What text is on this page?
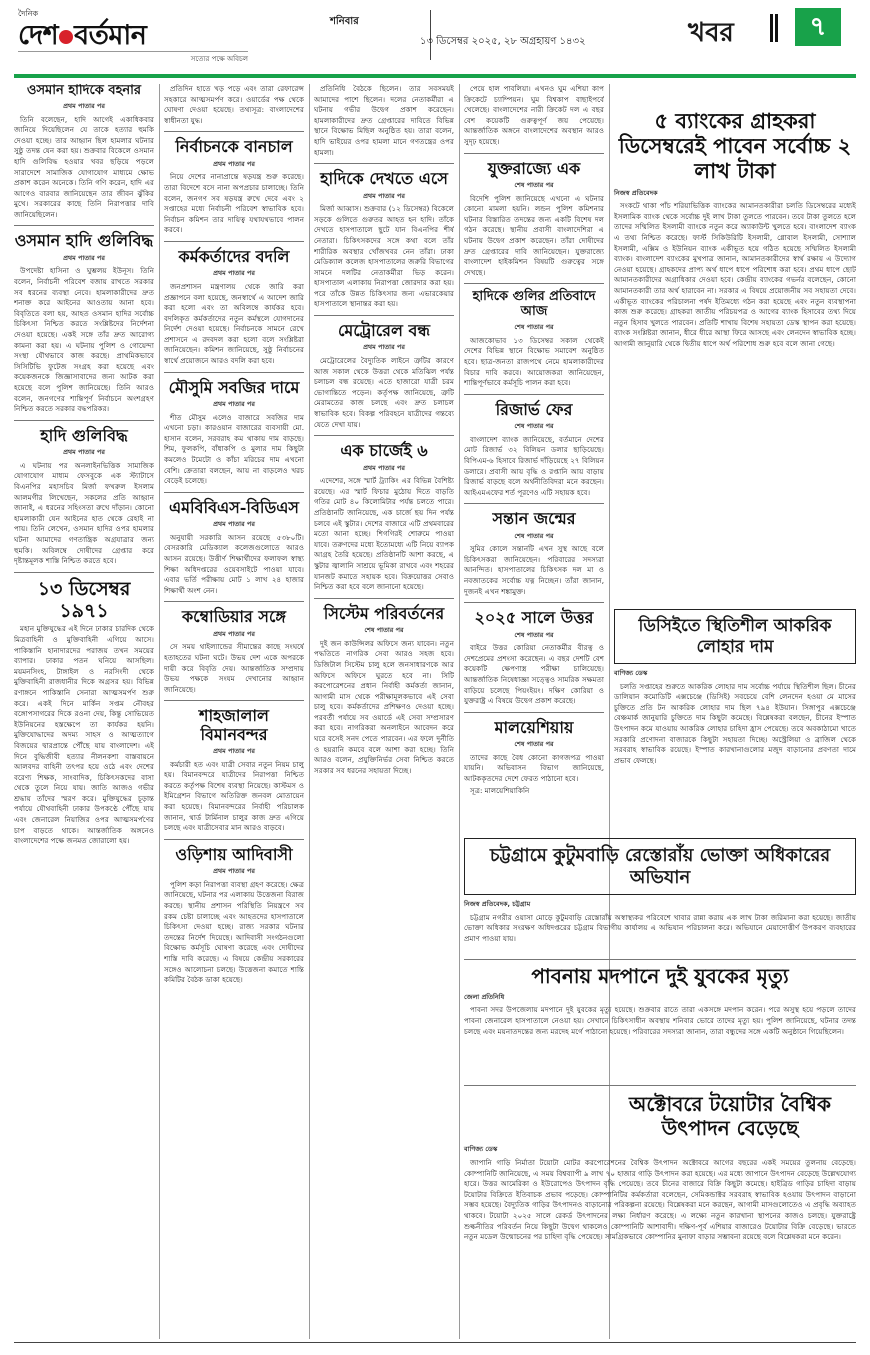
দৈনিক
দেশ বর্তমান
সত্যের পক্ষে অবিচল
শনিবার
১৩ ডিসেম্বর ২০২৫, ২৮ অগ্রহায়ণ ১৪৩২	খবর	৭
ওসমান হাদিকে বহনার
প্রথম পাতার পর
তিনি বলেছেন, হাদি আগেই একাধিকবার জানিয়ে দিয়েছিলেন যে তাকে হত্যার হুমকি দেওয়া হচ্ছে। তার আহ্বান ছিল হামলার ঘটনার সুষ্ঠু তদন্ত যেন করা হয়। শুক্রবার বিকেলে ওসমান হাদি গুলিবিদ্ধ হওয়ার খবর ছড়িয়ে পড়লে সারাদেশে সামাজিক যোগাযোগ মাধ্যমে ক্ষোভ প্রকাশ করেন অনেকে। তিনি গণি করেন, হাদি এর আগেও বারবার জানিয়েছেন তার জীবন ঝুঁকির মুখে। সরকারের কাছে তিনি নিরাপত্তার দাবি জানিয়েছিলেন।
ওসমান হাদি গুলিবিদ্ধ
প্রথম পাতার পর
উপদেষ্টা হাসিনা ও ঘুম্ভলয় ইউনূস। তিনি বলেন, নির্বাচনী পরিবেশ বজায় রাখতে সরকার সব ধরনের ব্যবস্থা নেবে। হামলাকারীদের দ্রুত শনাক্ত করে আইনের আওতায় আনা হবে। বিবৃতিতে বলা হয়, আহত ওসমান হাদির সর্বোচ্চ চিকিৎসা নিশ্চিত করতে সংশ্লিষ্টদের নির্দেশনা দেওয়া হয়েছে। একই সঙ্গে তাঁর দ্রুত আরোগ্য কামনা করা হয়। এ ঘটনায় পুলিশ ও গোয়েন্দা সংস্থা যৌথভাবে কাজ করছে। প্রাথমিকভাবে সিসিটিভি ফুটেজ সংগ্রহ করা হয়েছে এবং কয়েকজনকে জিজ্ঞাসাবাদের জন্য আটক করা হয়েছে বলে পুলিশ জানিয়েছে। তিনি আরও বলেন, জনগণের শান্তিপূর্ণ নির্বাচনে অংশগ্রহণ নিশ্চিত করতে সরকার বদ্ধপরিকর।
হাদি গুলিবিদ্ধ
প্রথম পাতার পর
এ ঘটনায় পর অনলাইনভিত্তিক সামাজিক যোগাযোগ মাধ্যম ফেসবুকে এক স্ট্যাটাসে বিএনপির মহাসচিব মির্জা ফখরুল ইসলাম আলমগীর লিখেছেন, সকলের প্রতি আহ্বান জানাই, এ ধরনের সহিংসতা রুখে দাঁড়ান। কোনো হামলাকারী যেন আইনের হাত থেকে রেহাই না পায়। তিনি লেখেন, ওসমান হাদির ওপর হামলার ঘটনা আমাদের গণতান্ত্রিক অগ্রযাত্রার জন্য হুমকি। অবিলম্বে দোষীদের গ্রেপ্তার করে দৃষ্টান্তমূলক শাস্তি নিশ্চিত করতে হবে।
১৩ ডিসেম্বর ১৯৭১
মহান মুক্তিযুদ্ধের এই দিনে ঢাকার চারদিক থেকে মিত্রবাহিনী ও মুক্তিবাহিনী এগিয়ে আসে। পাকিস্তানি হানাদারদের পরাজয় তখন সময়ের ব্যাপার। ঢাকার পতন ঘনিয়ে আসছিল। ময়মনসিংহ, টাঙ্গাইল ও নরসিংদী থেকে মুক্তিবাহিনী রাজধানীর দিকে অগ্রসর হয়। বিভিন্ন রণাঙ্গনে পাকিস্তানি সেনারা আত্মসমর্পণ শুরু করে। একই দিনে মার্কিন সপ্তম নৌবহর বঙ্গোপসাগরের দিকে রওনা দেয়, কিন্তু সোভিয়েত ইউনিয়নের হস্তক্ষেপে তা কার্যকর হয়নি। মুক্তিযোদ্ধাদের অদম্য সাহস ও আত্মত্যাগে বিজয়ের দ্বারপ্রান্তে পৌঁছে যায় বাংলাদেশ। এই দিনে বুদ্ধিজীবী হত্যার নীলনকশা বাস্তবায়নে আলবদর বাহিনী তৎপর হয়ে ওঠে এবং দেশের বরেণ্য শিক্ষক, সাংবাদিক, চিকিৎসকদের বাসা থেকে তুলে নিয়ে যায়। জাতি আজও গভীর শ্রদ্ধায় তাঁদের স্মরণ করে। মুক্তিযুদ্ধের চূড়ান্ত পর্যায়ে যৌথবাহিনী ঢাকার উপকণ্ঠে পৌঁছে যায় এবং জেনারেল নিয়াজির ওপর আত্মসমর্পণের চাপ বাড়তে থাকে। আন্তর্জাতিক অঙ্গনেও বাংলাদেশের পক্ষে জনমত জোরালো হয়।
প্রতিদিন হাতে খড় পড়ে এবং তারা রেফারেন্স সহকারে আত্মসমর্পণ করে। ওয়ার্ডের পক্ষ থেকে ঘোষণা দেওয়া হয়েছে। তথ্যসূত্র: বাংলাদেশের স্বাধীনতা যুদ্ধ।
নির্বাচনকে বানচাল
প্রথম পাতার পর
নিয়ে দেশের নানাপ্রান্তে ষড়যন্ত্র শুরু করেছে। তারা বিদেশে বসে নানা অপপ্রচার চালাচ্ছে। তিনি বলেন, জনগণ সব ষড়যন্ত্র রুখে দেবে এবং ২ সপ্তাহের মধ্যে নির্বাচনী পরিবেশ স্বাভাবিক হবে। নির্বাচন কমিশন তার দায়িত্ব যথাযথভাবে পালন করবে।
কর্মকর্তাদের বদলি
প্রথম পাতার পর
জনপ্রশাসন মন্ত্রণালয় থেকে জারি করা প্রজ্ঞাপনে বলা হয়েছে, জনস্বার্থে এ আদেশ জারি করা হলো এবং তা অবিলম্বে কার্যকর হবে। বদলিকৃত কর্মকর্তাদের নতুন কর্মস্থলে যোগদানের নির্দেশ দেওয়া হয়েছে। নির্বাচনকে সামনে রেখে প্রশাসনে এ রদবদল করা হলো বলে সংশ্লিষ্টরা জানিয়েছেন। কমিশন জানিয়েছে, সুষ্ঠু নির্বাচনের স্বার্থে প্রয়োজনে আরও বদলি করা হবে।
মৌসুমি সবজির দামে
প্রথম পাতার পর
শীত মৌসুম এলেও বাজারে সবজির দাম এখনো চড়া। কারওয়ান বাজারের ব্যবসায়ী মো. হাসান বলেন, সরবরাহ কম থাকায় দাম বাড়ছে। শিম, ফুলকপি, বাঁধাকপি ও মুলার দাম কিছুটা কমলেও টমেটো ও কাঁচা মরিচের দাম এখনো বেশি। ক্রেতারা বলছেন, আয় না বাড়লেও খরচ বেড়েই চলেছে।
এমবিবিএস-বিডিএস
প্রথম পাতার পর
অনুযায়ী সরকারি আসন রয়েছে ৫৩৮০টি। বেসরকারি মেডিক্যাল কলেজগুলোতে আরও আসন রয়েছে। উত্তীর্ণ শিক্ষার্থীদের ফলাফল স্বাস্থ্য শিক্ষা অধিদপ্তরের ওয়েবসাইটে পাওয়া যাবে। এবার ভর্তি পরীক্ষায় মোট ১ লাখ ২৪ হাজার শিক্ষার্থী অংশ নেন।
কম্বোডিয়ার সঙ্গে
প্রথম পাতার পর
সে সময় থাইল্যান্ডের সীমান্তের কাছে সংঘর্ষে হতাহতের ঘটনা ঘটে। উভয় দেশ একে অপরকে দায়ী করে বিবৃতি দেয়। আন্তর্জাতিক সম্প্রদায় উভয় পক্ষকে সংযম দেখানোর আহ্বান জানিয়েছে।
শাহজালাল বিমানবন্দর
প্রথম পাতার পর
কর্মচারী হত এবং যাত্রী সেবার নতুন নিয়ম চালু হয়। বিমানবন্দরে যাত্রীদের নিরাপত্তা নিশ্চিত করতে কর্তৃপক্ষ বিশেষ ব্যবস্থা নিয়েছে। কাস্টমস ও ইমিগ্রেশন বিভাগে অতিরিক্ত জনবল মোতায়েন করা হয়েছে। বিমানবন্দরের নির্বাহী পরিচালক জানান, থার্ড টার্মিনাল চালুর কাজ দ্রুত এগিয়ে চলছে এবং যাত্রীসেবার মান আরও বাড়বে।
ওড়িশায় আদিবাসী
প্রথম পাতার পর
পুলিশ কড়া নিরাপত্তা ব্যবস্থা গ্রহণ করেছে। ক্ষেত্র জানিয়েছে, ঘটনার পর এলাকায় উত্তেজনা বিরাজ করছে। স্থানীয় প্রশাসন পরিস্থিতি নিয়ন্ত্রণে সব রকম চেষ্টা চালাচ্ছে এবং আহতদের হাসপাতালে চিকিৎসা দেওয়া হচ্ছে। রাজ্য সরকার ঘটনার তদন্তের নির্দেশ দিয়েছে। আদিবাসী সংগঠনগুলো বিক্ষোভ কর্মসূচি ঘোষণা করেছে এবং দোষীদের শাস্তি দাবি করেছে। এ বিষয়ে কেন্দ্রীয় সরকারের সঙ্গেও আলোচনা চলছে। উত্তেজনা কমাতে শান্তি কমিটির বৈঠক ডাকা হয়েছে।
প্রতিনিধি বৈঠকে ছিলেন। তার সবসময়ই আমাদের পাশে ছিলেন। দলের নেতাকর্মীরা এ ঘটনায় গভীর উদ্বেগ প্রকাশ করেছেন। হামলাকারীদের দ্রুত গ্রেপ্তারের দাবিতে বিভিন্ন স্থানে বিক্ষোভ মিছিল অনুষ্ঠিত হয়। তারা বলেন, হাদি ভাইয়ের ওপর হামলা মানে গণতন্ত্রের ওপর হামলা।
হাদিকে দেখতে এসে
প্রথম পাতার পর
মির্জা আব্বাস। শুক্রবার (১২ ডিসেম্বর) বিকেলে সড়কে গুলিতে গুরুতর আহত হন হাদি। তাঁকে দেখতে হাসপাতালে ছুটে যান বিএনপির শীর্ষ নেতারা। চিকিৎসকদের সঙ্গে কথা বলে তাঁর শারীরিক অবস্থার খোঁজখবর নেন তাঁরা। ঢাকা মেডিক্যাল কলেজ হাসপাতালের জরুরি বিভাগের সামনে দলটির নেতাকর্মীরা ভিড় করেন। হাসপাতাল এলাকায় নিরাপত্তা জোরদার করা হয়। পরে তাঁকে উন্নত চিকিৎসার জন্য এভারকেয়ার হাসপাতালে স্থানান্তর করা হয়।
মেট্রোরেল বন্ধ
প্রথম পাতার পর
মেট্রোরেলের বৈদ্যুতিক লাইনে ত্রুটির কারণে আজ সকাল থেকে উত্তরা থেকে মতিঝিল পর্যন্ত চলাচল বন্ধ রয়েছে। এতে হাজারো যাত্রী চরম ভোগান্তিতে পড়েন। কর্তৃপক্ষ জানিয়েছে, ত্রুটি মেরামতের কাজ চলছে এবং দ্রুত চলাচল স্বাভাবিক হবে। বিকল্প পরিবহনে যাত্রীদের গন্তব্যে যেতে দেখা যায়।
এক চার্জেই ৬
প্রথম পাতার পর
এদেশের, সঙ্গে স্মার্ট ট্র্যাকিং এর বিভিন্ন বৈশিষ্ট্য রয়েছে। এর স্মার্ট ফিচার মুঠোয় দিতে বাড়তি গতির মোট ৪০ কিলোমিটার পর্যন্ত চলতে পারে। প্রতিষ্ঠানটি জানিয়েছে, এক চার্জে ছয় দিন পর্যন্ত চলবে এই স্কুটার। দেশের বাজারে এটি প্রথমবারের মতো আনা হচ্ছে। শিগগিরই শোরুমে পাওয়া যাবে। তরুণদের মধ্যে ইতোমধ্যে এটি নিয়ে ব্যাপক আগ্রহ তৈরি হয়েছে। প্রতিষ্ঠানটি আশা করছে, এ স্কুটার জ্বালানি সাশ্রয়ে ভূমিকা রাখবে এবং শহরের যানজট কমাতে সহায়ক হবে। বিক্রয়োত্তর সেবাও নিশ্চিত করা হবে বলে জানানো হয়েছে।
সিস্টেম পরিবর্তনের
শেষ পাতার পর
দুই জন কাউন্সিলর অফিসে জন্য যাবেন। নতুন পদ্ধতিতে নাগরিক সেবা আরও সহজ হবে। ডিজিটাল সিস্টেম চালু হলে জনসাধারণকে আর অফিসে অফিসে ঘুরতে হবে না। সিটি করপোরেশনের প্রধান নির্বাহী কর্মকর্তা জানান, আগামী মাস থেকে পরীক্ষামূলকভাবে এই সেবা চালু হবে। কর্মকর্তাদের প্রশিক্ষণও দেওয়া হচ্ছে। পরবর্তী পর্যায়ে সব ওয়ার্ডে এই সেবা সম্প্রসারণ করা হবে। নাগরিকরা অনলাইনে আবেদন করে ঘরে বসেই সনদ পেতে পারবেন। এর ফলে দুর্নীতি ও হয়রানি কমবে বলে আশা করা হচ্ছে। তিনি আরও বলেন, প্রযুক্তিনির্ভর সেবা নিশ্চিত করতে সরকার সব ধরনের সহায়তা দিচ্ছে।
পেয়ে হাল পাবলিয়া। এখনও ঘুম এশিয়া কাপ ক্রিকেটে চ্যাম্পিয়ন। ঘুম বিশ্বকাপ বাছাইপর্বে খেলেছে। বাংলাদেশের নারী ক্রিকেট দল এ বছর বেশ কয়েকটি গুরুত্বপূর্ণ জয় পেয়েছে। আন্তর্জাতিক অঙ্গনে বাংলাদেশের অবস্থান আরও সুদৃঢ় হয়েছে।
যুক্তরাজ্যে এক
শেষ পাতার পর
বিদেশি পুলিশ জানিয়েছে এখনো এ ঘটনার কোনো মামলা হয়নি। লন্ডন পুলিশ কমিশনার ঘটনার বিস্তারিত তদন্তের জন্য একটি বিশেষ দল গঠন করেছে। স্থানীয় প্রবাসী বাংলাদেশিরা এ ঘটনায় উদ্বেগ প্রকাশ করেছেন। তাঁরা দোষীদের দ্রুত গ্রেপ্তারের দাবি জানিয়েছেন। যুক্তরাজ্যে বাংলাদেশ হাইকমিশন বিষয়টি গুরুত্বের সঙ্গে দেখছে।
হাদিকে গুলির প্রতিবাদে আজ
শেষ পাতার পর
আজকোভাব ১৩ ডিসেম্বর সকাল থেকেই দেশের বিভিন্ন স্থানে বিক্ষোভ সমাবেশ অনুষ্ঠিত হবে। ছাত্র-জনতা রাজপথে নেমে হামলাকারীদের বিচার দাবি করবে। আয়োজকরা জানিয়েছেন, শান্তিপূর্ণভাবে কর্মসূচি পালন করা হবে।
রিজার্ভ ফের
শেষ পাতার পর
বাংলাদেশ ব্যাংক জানিয়েছে, বর্তমানে দেশের মোট রিজার্ভ ৩২ বিলিয়ন ডলার ছাড়িয়েছে। বিপিএম-৬ হিসাবে রিজার্ভ দাঁড়িয়েছে ২৭ বিলিয়ন ডলারে। প্রবাসী আয় বৃদ্ধি ও রপ্তানি আয় বাড়ায় রিজার্ভ বাড়ছে বলে অর্থনীতিবিদরা মনে করছেন। আইএমএফের শর্ত পূরণেও এটি সহায়ক হবে।
সন্তান জন্মের
শেষ পাতার পর
সুমির কোলে সন্তানটি এখন সুস্থ আছে বলে চিকিৎসকরা জানিয়েছেন। পরিবারের সদস্যরা আনন্দিত। হাসপাতালের চিকিৎসক দল মা ও নবজাতকের সর্বোচ্চ যত্ন নিচ্ছেন। তাঁরা জানান, দুজনই এখন শঙ্কামুক্ত।
২০২৫ সালে উত্তর
শেষ পাতার পর
বাইরে উত্তর কোরিয়া নেতাকর্মীর বীরত্ব ও দেশপ্রেমের প্রশংসা করেছেন। এ বছর দেশটি বেশ কয়েকটি ক্ষেপণাস্ত্র পরীক্ষা চালিয়েছে। আন্তর্জাতিক নিষেধাজ্ঞা সত্ত্বেও সামরিক সক্ষমতা বাড়িয়ে চলেছে পিয়ংইয়ং। দক্ষিণ কোরিয়া ও যুক্তরাষ্ট্র এ বিষয়ে উদ্বেগ প্রকাশ করেছে।
মালয়েশিয়ায়
শেষ পাতার পর
তাদের কাছে বৈধ কোনো কাগজপত্র পাওয়া যায়নি। অভিবাসন বিভাগ জানিয়েছে, আটককৃতদের দেশে ফেরত পাঠানো হবে।
সূত্র: মালয়েশিয়াকিনি
৫ ব্যাংকের গ্রাহকরা ডিসেম্বরেই পাবেন সর্বোচ্চ ২ লাখ টাকা
নিজস্ব প্রতিবেদক
সংকটে থাকা পাঁচ শরিয়াভিত্তিক ব্যাংকের আমানতকারীরা চলতি ডিসেম্বরের মধ্যেই ইসলামিক ব্যাংক থেকে সর্বোচ্চ দুই লাখ টাকা তুলতে পারবেন। তবে টাকা তুলতে হলে তাদের সম্মিলিত ইসলামী ব্যাংকে নতুন করে অ্যাকাউন্ট খুলতে হবে। বাংলাদেশ ব্যাংক এ তথ্য নিশ্চিত করেছে। ফার্স্ট সিকিউরিটি ইসলামী, গ্লোবাল ইসলামী, সোশ্যাল ইসলামী, এক্সিম ও ইউনিয়ন ব্যাংক একীভূত হয়ে গঠিত হয়েছে সম্মিলিত ইসলামী ব্যাংক। বাংলাদেশ ব্যাংকের মুখপাত্র জানান, আমানতকারীদের স্বার্থ রক্ষায় এ উদ্যোগ নেওয়া হয়েছে। গ্রাহকদের প্রাপ্য অর্থ ধাপে ধাপে পরিশোধ করা হবে। প্রথম ধাপে ছোট আমানতকারীদের অগ্রাধিকার দেওয়া হবে। কেন্দ্রীয় ব্যাংকের গভর্নর বলেছেন, কোনো আমানতকারী তার অর্থ হারাবেন না। সরকার এ বিষয়ে প্রয়োজনীয় সব সহায়তা দেবে। একীভূত ব্যাংকের পরিচালনা পর্ষদ ইতিমধ্যে গঠন করা হয়েছে এবং নতুন ব্যবস্থাপনা কাজ শুরু করেছে। গ্রাহকরা জাতীয় পরিচয়পত্র ও আগের ব্যাংক হিসাবের তথ্য দিয়ে নতুন হিসাব খুলতে পারবেন। প্রতিটি শাখায় বিশেষ সহায়তা ডেস্ক স্থাপন করা হয়েছে। ব্যাংক সংশ্লিষ্টরা জানান, ধীরে ধীরে আস্থা ফিরে আসছে এবং লেনদেন স্বাভাবিক হচ্ছে। আগামী জানুয়ারি থেকে দ্বিতীয় ধাপে অর্থ পরিশোধ শুরু হবে বলে জানা গেছে।
ডিসিইতে স্থিতিশীল আকরিক লোহার দাম
বাণিজ্য ডেস্ক
চলতি সপ্তাহের শুরুতে আকরিক লোহার দাম সর্বোচ্চ পর্যায়ে স্থিতিশীল ছিল। চীনের ডালিয়ান কমোডিটি এক্সচেঞ্জে (ডিসিই) সবচেয়ে বেশি লেনদেন হওয়া মে মাসের চুক্তিতে প্রতি টন আকরিক লোহার দাম ছিল ৭৯৪ ইউয়ান। সিঙ্গাপুর এক্সচেঞ্জে বেঞ্চমার্ক জানুয়ারি চুক্তিতে দাম কিছুটা কমেছে। বিশ্লেষকরা বলছেন, চীনের ইস্পাত উৎপাদন কমে যাওয়ায় আকরিক লোহার চাহিদা হ্রাস পেয়েছে। তবে অবকাঠামো খাতে সরকারি প্রণোদনা বাজারকে কিছুটা সহায়তা দিচ্ছে। অস্ট্রেলিয়া ও ব্রাজিল থেকে সরবরাহ স্বাভাবিক রয়েছে। ইস্পাত কারখানাগুলোর মজুদ বাড়ানোর প্রবণতা দামে প্রভাব ফেলছে।
চট্টগ্রামে কুটুমবাড়ি রেস্তোরাঁয় ভোক্তা অধিকারের অভিযান
নিজস্ব প্রতিবেদক, চট্টগ্রাম
চট্টগ্রাম নগরীর ওয়াসা মোড়ে কুটুমবাড়ি রেস্তোরাঁয় অস্বাস্থ্যকর পরিবেশে খাবার রান্না করায় এক লাখ টাকা জরিমানা করা হয়েছে। জাতীয় ভোক্তা অধিকার সংরক্ষণ অধিদপ্তরের চট্টগ্রাম বিভাগীয় কার্যালয় এ অভিযান পরিচালনা করে। অভিযানে মেয়াদোত্তীর্ণ উপকরণ ব্যবহারের প্রমাণ পাওয়া যায়।
পাবনায় মদপানে দুই যুবকের মৃত্যু
জেলা প্রতিনিধি
পাবনা সদর উপজেলায় মদপানে দুই যুবকের মৃত্যু হয়েছে। শুক্রবার রাতে তারা একসঙ্গে মদপান করেন। পরে অসুস্থ হয়ে পড়লে তাদের পাবনা জেনারেল হাসপাতালে নেওয়া হয়। সেখানে চিকিৎসাধীন অবস্থায় শনিবার ভোরে তাদের মৃত্যু হয়। পুলিশ জানিয়েছে, ঘটনার তদন্ত চলছে এবং ময়নাতদন্তের জন্য মরদেহ মর্গে পাঠানো হয়েছে। পরিবারের সদস্যরা জানান, তারা বন্ধুদের সঙ্গে একটি অনুষ্ঠানে গিয়েছিলেন।
অক্টোবরে টয়োটার বৈশ্বিক উৎপাদন বেড়েছে
বাণিজ্য ডেস্ক
জাপানি গাড়ি নির্মাতা টয়োটা মোটর করপোরেশনের বৈশ্বিক উৎপাদন অক্টোবরে আগের বছরের একই সময়ের তুলনায় বেড়েছে। কোম্পানিটি জানিয়েছে, এ সময় বিশ্বব্যাপী ৯ লাখ ৭০ হাজার গাড়ি উৎপাদন করা হয়েছে। এর মধ্যে জাপানে উৎপাদন বেড়েছে উল্লেখযোগ্য হারে। উত্তর আমেরিকা ও ইউরোপেও উৎপাদন বৃদ্ধি পেয়েছে। তবে চীনের বাজারে বিক্রি কিছুটা কমেছে। হাইব্রিড গাড়ির চাহিদা বাড়ায় টয়োটার বিক্রিতে ইতিবাচক প্রভাব পড়েছে। কোম্পানিটির কর্মকর্তারা বলেছেন, সেমিকন্ডাক্টর সরবরাহ স্বাভাবিক হওয়ায় উৎপাদন বাড়ানো সম্ভব হয়েছে। বৈদ্যুতিক গাড়ির উৎপাদনও বাড়ানোর পরিকল্পনা রয়েছে। বিশ্লেষকরা মনে করছেন, আগামী মাসগুলোতেও এ প্রবৃদ্ধি অব্যাহত থাকবে। টয়োটা ২০২৫ সালে রেকর্ড উৎপাদনের লক্ষ্য নির্ধারণ করেছে। এ লক্ষ্যে নতুন কারখানা স্থাপনের কাজও চলছে। যুক্তরাষ্ট্রে শুল্কনীতির পরিবর্তন নিয়ে কিছুটা উদ্বেগ থাকলেও কোম্পানিটি আশাবাদী। দক্ষিণ-পূর্ব এশিয়ার বাজারেও টয়োটার বিক্রি বেড়েছে। ভারতে নতুন মডেল উন্মোচনের পর চাহিদা বৃদ্ধি পেয়েছে। সামগ্রিকভাবে কোম্পানির মুনাফা বাড়ার সম্ভাবনা রয়েছে বলে বিশ্লেষকরা মনে করেন।
